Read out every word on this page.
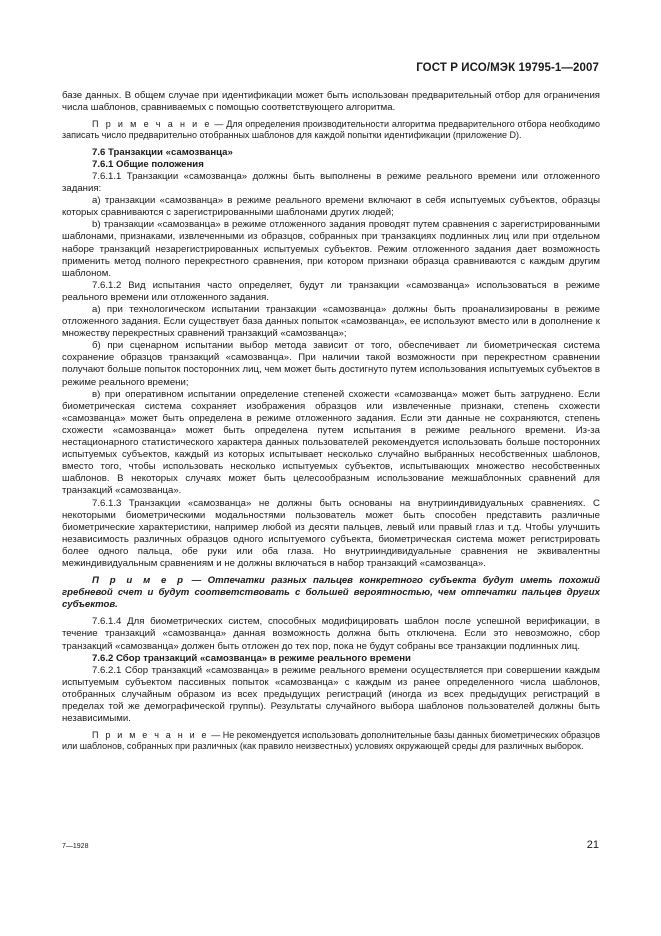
ГОСТ Р ИСО/МЭК 19795-1—2007

базе данных. В общем случае при идентификации может быть использован предварительный отбор для ограничения числа шаблонов, сравниваемых с помощью соответствующего алгоритма.

П р и м е ч а н и е — Для определения производительности алгоритма предварительного отбора необходимо записать число предварительно отобранных шаблонов для каждой попытки идентификации (приложение D).

7.6 Транзакции «самозванца»

7.6.1 Общие положения

7.6.1.1 Транзакции «самозванца» должны быть выполнены в режиме реального времени или отложенного задания:

а) транзакции «самозванца» в режиме реального времени включают в себя испытуемых субъектов, образцы которых сравниваются с зарегистрированными шаблонами других людей;

b) транзакции «самозванца» в режиме отложенного задания проводят путем сравнения с зарегистрированными шаблонами, признаками, извлеченными из образцов, собранных при транзакциях подлинных лиц или при отдельном наборе транзакций незарегистрированных испытуемых субъектов. Режим отложенного задания дает возможность применить метод полного перекрестного сравнения, при котором признаки образца сравниваются с каждым другим шаблоном.

7.6.1.2 Вид испытания часто определяет, будут ли транзакции «самозванца» использоваться в режиме реального времени или отложенного задания.

а) при технологическом испытании транзакции «самозванца» должны быть проанализированы в режиме отложенного задания. Если существует база данных попыток «самозванца», ее используют вместо или в дополнение к множеству перекрестных сравнений транзакций «самозванца»;

б) при сценарном испытании выбор метода зависит от того, обеспечивает ли биометрическая система сохранение образцов транзакций «самозванца». При наличии такой возможности при перекрестном сравнении получают больше попыток посторонних лиц, чем может быть достигнуто путем использования испытуемых субъектов в режиме реального времени;

в) при оперативном испытании определение степеней схожести «самозванца» может быть затруднено. Если биометрическая система сохраняет изображения образцов или извлеченные признаки, степень схожести «самозванца» может быть определена в режиме отложенного задания. Если эти данные не сохраняются, степень схожести «самозванца» может быть определена путем испытания в режиме реального времени. Из-за нестационарного статистического характера данных пользователей рекомендуется использовать больше посторонних испытуемых субъектов, каждый из которых испытывает несколько случайно выбранных несобственных шаблонов, вместо того, чтобы использовать несколько испытуемых субъектов, испытывающих множество несобственных шаблонов. В некоторых случаях может быть целесообразным использование межшаблонных сравнений для транзакций «самозванца».

7.6.1.3 Транзакции «самозванца» не должны быть основаны на внутрииндивидуальных сравнениях. С некоторыми биометрическими модальностями пользователь может быть способен представить различные биометрические характеристики, например любой из десяти пальцев, левый или правый глаз и т.д. Чтобы улучшить независимость различных образцов одного испытуемого субъекта, биометрическая система может регистрировать более одного пальца, обе руки или оба глаза. Но внутрииндивидуальные сравнения не эквивалентны межиндивидуальным сравнениям и не должны включаться в набор транзакций «самозванца».

П р и м е р — Отпечатки разных пальцев конкретного субъекта будут иметь похожий гребневой счет и будут соответствовать с большей вероятностью, чем отпечатки пальцев других субъектов.

7.6.1.4 Для биометрических систем, способных модифицировать шаблон после успешной верификации, в течение транзакций «самозванца» данная возможность должна быть отключена. Если это невозможно, сбор транзакций «самозванца» должен быть отложен до тех пор, пока не будут собраны все транзакции подлинных лиц.

7.6.2 Сбор транзакций «самозванца» в режиме реального времени

7.6.2.1 Сбор транзакций «самозванца» в режиме реального времени осуществляется при совершении каждым испытуемым субъектом пассивных попыток «самозванца» с каждым из ранее определенного числа шаблонов, отобранных случайным образом из всех предыдущих регистраций (иногда из всех предыдущих регистраций в пределах той же демографической группы). Результаты случайного выбора шаблонов пользователей должны быть независимыми.

П р и м е ч а н и е — Не рекомендуется использовать дополнительные базы данных биометрических образцов или шаблонов, собранных при различных (как правило неизвестных) условиях окружающей среды для различных выборок.

7—1928	21
